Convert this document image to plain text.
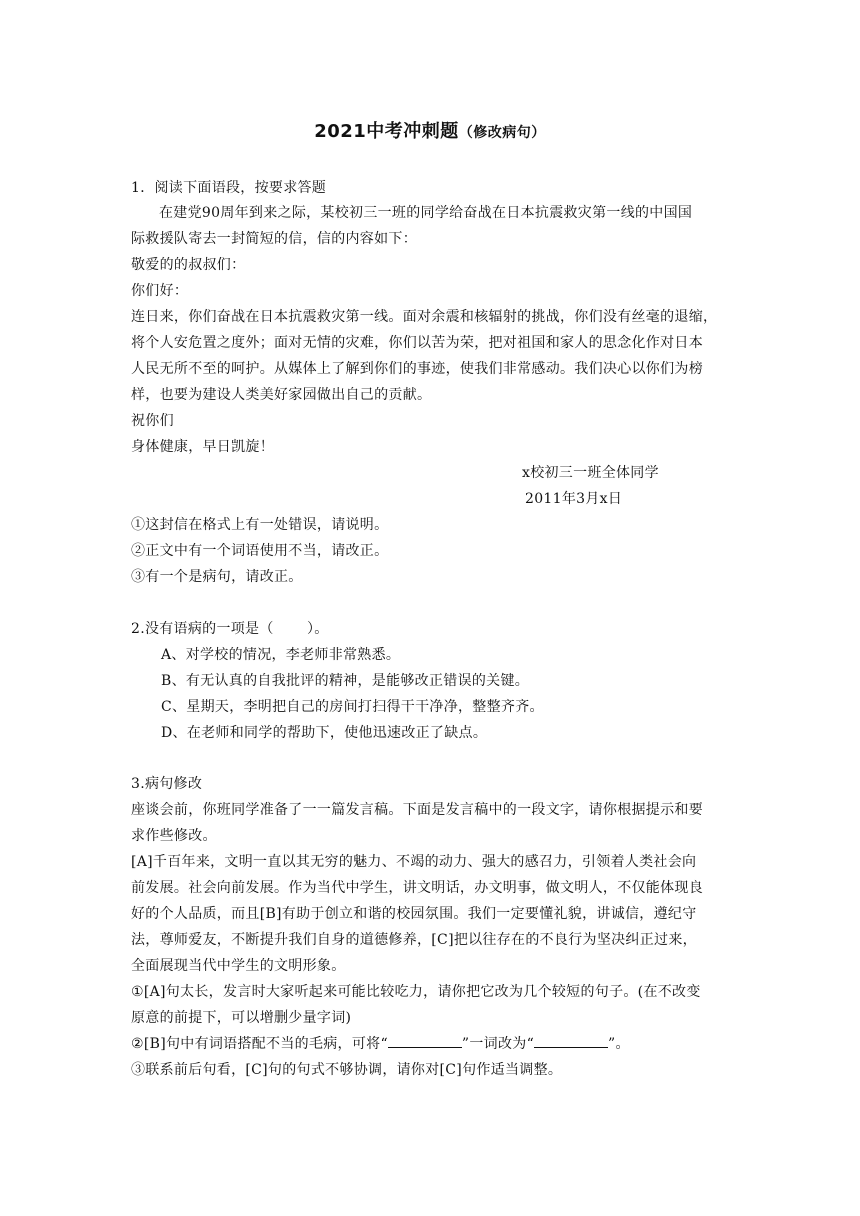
2021中考冲刺题（修改病句）
1．阅读下面语段，按要求答题
在建党90周年到来之际，某校初三一班的同学给奋战在日本抗震救灾第一线的中国国
际救援队寄去一封简短的信，信的内容如下：
敬爱的的叔叔们：
你们好：
连日来，你们奋战在日本抗震救灾第一线。面对余震和核辐射的挑战，你们没有丝毫的退缩，
将个人安危置之度外；面对无情的灾难，你们以苦为荣，把对祖国和家人的思念化作对日本
人民无所不至的呵护。从媒体上了解到你们的事迹，使我们非常感动。我们决心以你们为榜
样，也要为建设人类美好家园做出自己的贡献。
祝你们
身体健康，早日凯旋！
x校初三一班全体同学
2011年3月x日
①这封信在格式上有一处错误，请说明。
②正文中有一个词语使用不当，请改正。
③有一个是病句，请改正。
2.没有语病的一项是（　　 ）。
A、对学校的情况，李老师非常熟悉。
B、有无认真的自我批评的精神，是能够改正错误的关键。
C、星期天，李明把自己的房间打扫得干干净净，整整齐齐。
D、在老师和同学的帮助下，使他迅速改正了缺点。
3.病句修改
座谈会前，你班同学准备了一一篇发言稿。下面是发言稿中的一段文字，请你根据提示和要
求作些修改。
[A]千百年来，文明一直以其无穷的魅力、不竭的动力、强大的感召力，引领着人类社会向
前发展。社会向前发展。作为当代中学生，讲文明话，办文明事，做文明人，不仅能体现良
好的个人品质，而且[B]有助于创立和谐的校园氛围。我们一定要懂礼貌，讲诚信，遵纪守
法，尊师爱友，不断提升我们自身的道德修养，[C]把以往存在的不良行为坚决纠正过来，
全面展现当代中学生的文明形象。
①[A]句太长，发言时大家听起来可能比较吃力，请你把它改为几个较短的句子。(在不改变
原意的前提下，可以增删少量字词)
②[B]句中有词语搭配不当的毛病，可将“	”一词改为“	”。
③联系前后句看，[C]句的句式不够协调，请你对[C]句作适当调整。
